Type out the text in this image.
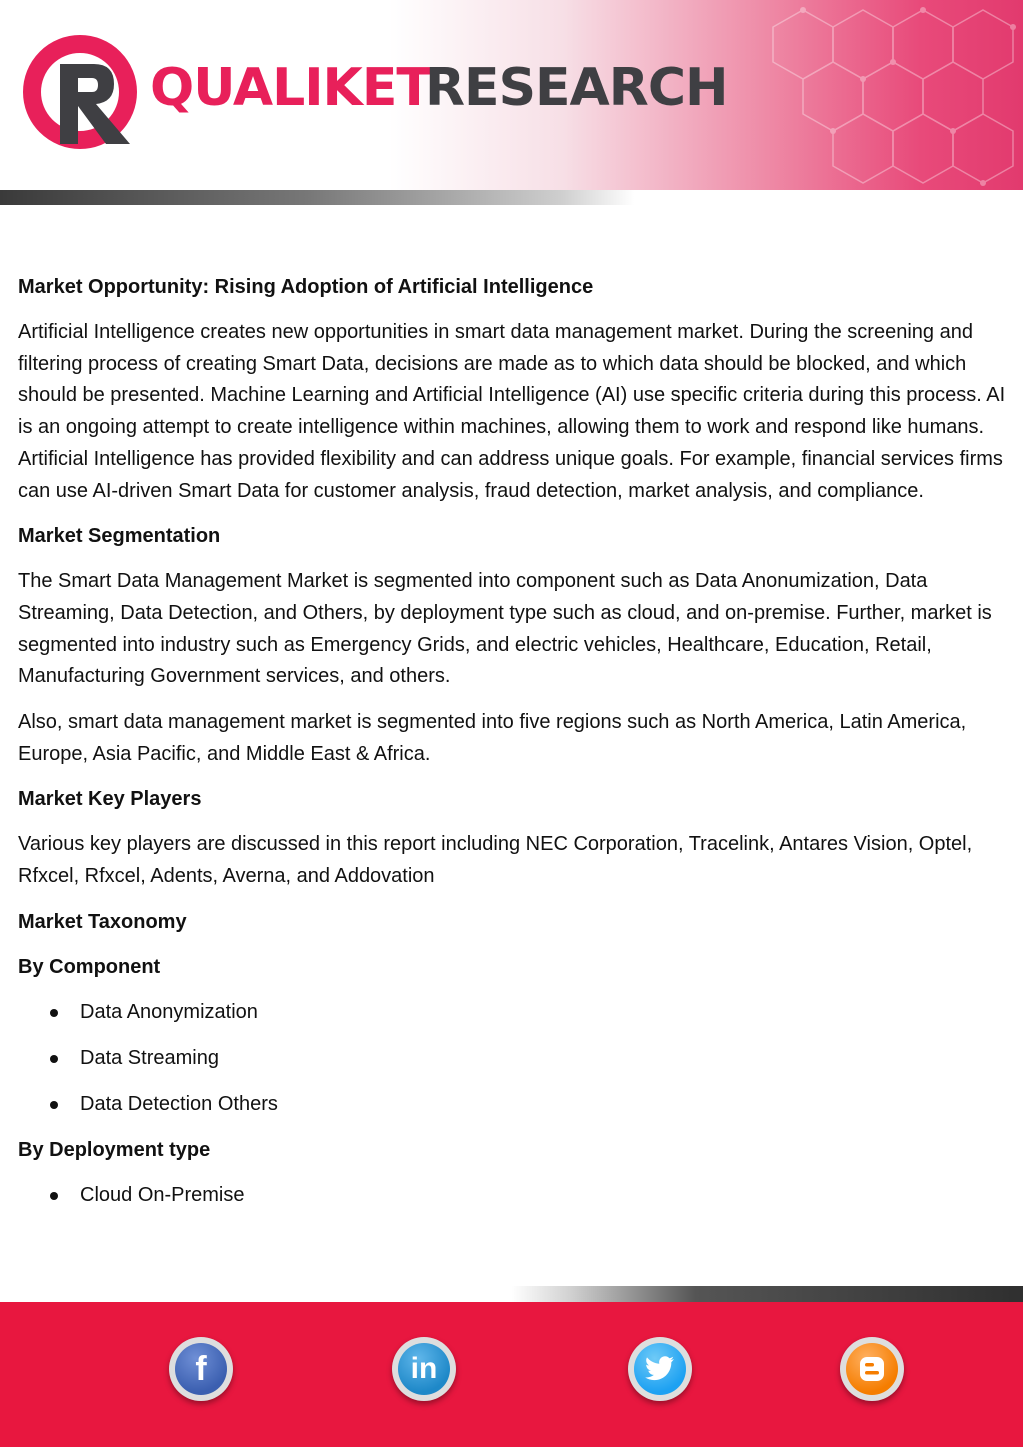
QUALIKET
RESEARCH
Market Opportunity: Rising Adoption of Artificial Intelligence

Artificial Intelligence creates new opportunities in smart data management market. During the screening and filtering process of creating Smart Data, decisions are made as to which data should be blocked, and which should be presented. Machine Learning and Artificial Intelligence (AI) use specific criteria during this process. AI is an ongoing attempt to create intelligence within machines, allowing them to work and respond like humans. Artificial Intelligence has provided flexibility and can address unique goals. For example, financial services firms can use AI-driven Smart Data for customer analysis, fraud detection, market analysis, and compliance.

Market Segmentation

The Smart Data Management Market is segmented into component such as Data Anonumization, Data Streaming, Data Detection, and Others, by deployment type such as cloud, and on-premise. Further, market is segmented into industry such as Emergency Grids, and electric vehicles, Healthcare, Education, Retail, Manufacturing Government services, and others.

Also, smart data management market is segmented into five regions such as North America, Latin America, Europe, Asia Pacific, and Middle East & Africa.

Market Key Players

Various key players are discussed in this report including NEC Corporation, Tracelink, Antares Vision, Optel, Rfxcel, Rfxcel, Adents, Averna, and Addovation

Market Taxonomy
By Component
Data Anonymization
Data Streaming
Data Detection Others
By Deployment type
Cloud On-Premise
f	in
